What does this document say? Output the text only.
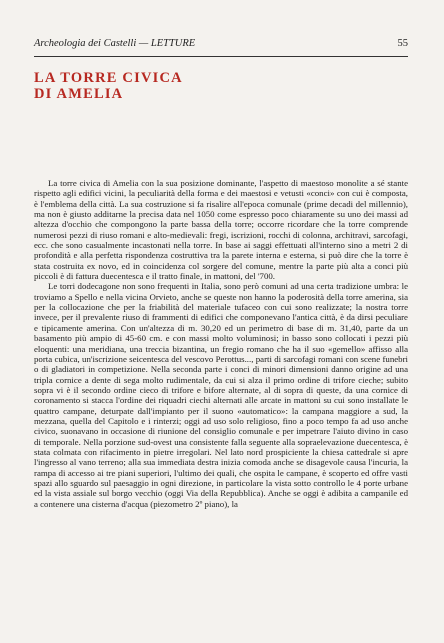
Archeologia dei Castelli — LETTURE	55
LA TORRE CIVICA
DI AMELIA

La torre civica di Amelia con la sua posizione dominante, l'aspetto di maestoso monolite a sé stante rispetto agli edifici vicini, la peculiarità della forma e dei maestosi e vetusti «conci» con cui è composta, è l'emblema della città. La sua costruzione si fa risalire all'epoca comunale (prime decadi del millennio), ma non è giusto additarne la precisa data nel 1050 come espresso poco chiaramente su uno dei massi ad altezza d'occhio che compongono la parte bassa della torre; occorre ricordare che la torre comprende numerosi pezzi di riuso romani e alto-medievali: fregi, iscrizioni, rocchi di colonna, architravi, sarcofagi, ecc. che sono casualmente incastonati nella torre. In base ai saggi effettuati all'interno sino a metri 2 di profondità e alla perfetta rispondenza costruttiva tra la parete interna e esterna, si può dire che la torre è stata costruita ex novo, ed in coincidenza col sorgere del comune, mentre la parte più alta a conci più piccoli è di fattura duecentesca e il tratto finale, in mattoni, del '700.

Le torri dodecagone non sono frequenti in Italia, sono però comuni ad una certa tradizione umbra: le troviamo a Spello e nella vicina Orvieto, anche se queste non hanno la poderosità della torre amerina, sia per la collocazione che per la friabilità del materiale tufaceo con cui sono realizzate; la nostra torre invece, per il prevalente riuso di frammenti di edifici che componevano l'antica città, è da dirsi peculiare e tipicamente amerina. Con un'altezza di m. 30,20 ed un perimetro di base di m. 31,40, parte da un basamento più ampio di 45-60 cm. e con massi molto voluminosi; in basso sono collocati i pezzi più eloquenti: una meridiana, una treccia bizantina, un fregio romano che ha il suo «gemello» affisso alla porta cubica, un'iscrizione seicentesca del vescovo Perottus..., parti di sarcofagi romani con scene funebri o di gladiatori in competizione. Nella seconda parte i conci di minori dimensioni danno origine ad una tripla cornice a dente di sega molto rudimentale, da cui si alza il primo ordine di trifore cieche; subito sopra vi è il secondo ordine cieco di trifore e bifore alternate, al di sopra di queste, da una cornice di coronamento si stacca l'ordine dei riquadri ciechi alternati alle arcate in mattoni su cui sono installate le quattro campane, deturpate dall'impianto per il suono «automatico»: la campana maggiore a sud, la mezzana, quella del Capitolo e i rinterzi; oggi ad uso solo religioso, fino a poco tempo fa ad uso anche civico, suonavano in occasione di riunione del consiglio comunale e per impetrare l'aiuto divino in caso di temporale. Nella porzione sud-ovest una consistente falla seguente alla sopraelevazione duecentesca, è stata colmata con rifacimento in pietre irregolari. Nel lato nord prospiciente la chiesa cattedrale si apre l'ingresso al vano terreno; alla sua immediata destra inizia comoda anche se disagevole causa l'incuria, la rampa di accesso ai tre piani superiori, l'ultimo dei quali, che ospita le campane, è scoperto ed offre vasti spazi allo sguardo sul paesaggio in ogni direzione, in particolare la vista sotto controllo le 4 porte urbane ed la vista assiale sul borgo vecchio (oggi Via della Repubblica). Anche se oggi è adibita a campanile ed a contenere una cisterna d'acqua (piezometro 2º piano), la
